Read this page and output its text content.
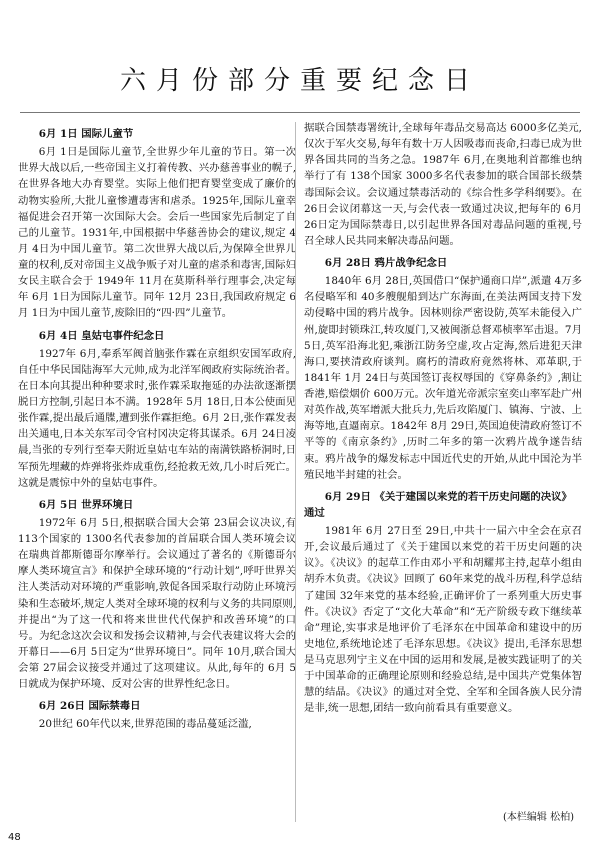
六月份部分重要纪念日

6月 1日 国际儿童节

6月 1日是国际儿童节,全世界少年儿童的节日。第一次世界大战以后,一些帝国主义打着传教、兴办慈善事业的幌子,在世界各地大办育婴堂。实际上他们把育婴堂变成了廉价的动物实验所,大批儿童惨遭毒害和虐杀。1925年,国际儿童幸福促进会召开第一次国际大会。会后一些国家先后制定了自己的儿童节。1931年,中国根据中华慈善协会的建议,规定 4月 4日为中国儿童节。第二次世界大战以后,为保障全世界儿童的权利,反对帝国主义战争贩子对儿童的虐杀和毒害,国际妇女民主联合会于 1949年 11月在莫斯科举行理事会,决定每年 6月 1日为国际儿童节。同年 12月 23日,我国政府规定 6月 1日为中国儿童节,废除旧的“四·四”儿童节。

6月 4日 皇姑屯事件纪念日

1927年 6月,奉系军阀首脑张作霖在京组织安国军政府,自任中华民国陆海军大元帅,成为北洋军阀政府实际统治者。在日本向其提出种种要求时,张作霖采取拖延的办法欲逐渐摆脱日方控制,引起日本不满。1928年 5月 18日,日本公使面见张作霖,提出最后通牒,遭到张作霖拒绝。6月 2日,张作霖发表出关通电,日本关东军司令官村冈决定将其谋杀。6月 24日凌晨,当张的专列行至奉天附近皇姑屯车站的南满铁路桥洞时,日军预先埋藏的炸弹将张炸成重伤,经抢救无效,几小时后死亡。这就是震惊中外的皇姑屯事件。

6月 5日 世界环境日

1972年 6月 5日,根据联合国大会第 23届会议决议,有 113个国家的 1300名代表参加的首届联合国人类环境会议在瑞典首都斯德哥尔摩举行。会议通过了著名的《斯德哥尔摩人类环境宣言》和保护全球环境的“行动计划”,呼吁世界关注人类活动对环境的严重影响,敦促各国采取行动防止环境污染和生态破坏,规定人类对全球环境的权利与义务的共同原则,并提出“为了这一代和将来世世代代保护和改善环境”的口号。为纪念这次会议和发扬会议精神,与会代表建议将大会的开幕日——6月 5日定为“世界环境日”。同年 10月,联合国大会第 27届会议接受并通过了这项建议。从此,每年的 6月 5日就成为保护环境、反对公害的世界性纪念日。

6月 26日 国际禁毒日

20世纪 60年代以来,世界范围的毒品蔓延泛滥,

据联合国禁毒署统计,全球每年毒品交易高达 6000多亿美元,仅次于军火交易,每年有数十万人因吸毒而丧命,扫毒已成为世界各国共同的当务之急。1987年 6月,在奥地利首都维也纳举行了有 138个国家 3000多名代表参加的联合国部长级禁毒国际会议。会议通过禁毒活动的《综合性多学科纲要》。在 26日会议闭幕这一天,与会代表一致通过决议,把每年的 6月 26日定为国际禁毒日,以引起世界各国对毒品问题的重视,号召全球人民共同来解决毒品问题。

6月 28日 鸦片战争纪念日

1840年 6月 28日,英国借口“保护通商口岸”,派遣 4万多名侵略军和 40多艘舰船到达广东海面,在美法两国支持下发动侵略中国的鸦片战争。因林则徐严密设防,英军未能侵入广州,旋即封锁珠江,转攻厦门,又被闽浙总督邓桢率军击退。7月 5日,英军沿海北犯,乘浙江防务空虚,攻占定海,然后进犯天津海口,要挟清政府谈判。腐朽的清政府竟然将林、邓革职,于 1841年 1月 24日与英国签订丧权辱国的《穿鼻条约》,割让香港,赔偿烟价 600万元。次年道光帝派宗室奕山率军赴广州对英作战,英军增派大批兵力,先后攻陷厦门、镇海、宁波、上海等地,直逼南京。1842年 8月 29日,英国迫使清政府签订不平等的《南京条约》,历时二年多的第一次鸦片战争遂告结束。鸦片战争的爆发标志中国近代史的开始,从此中国沦为半殖民地半封建的社会。

6月 29日 《关于建国以来党的若干历史问题的决议》通过

1981年 6月 27日至 29日,中共十一届六中全会在京召开,会议最后通过了《关于建国以来党的若干历史问题的决议》。《决议》的起草工作由邓小平和胡耀邦主持,起草小组由胡乔木负责。《决议》回顾了 60年来党的战斗历程,科学总结了建国 32年来党的基本经验,正确评价了一系列重大历史事件。《决议》否定了“文化大革命”和“无产阶级专政下继续革命”理论,实事求是地评价了毛泽东在中国革命和建设中的历史地位,系统地论述了毛泽东思想。《决议》提出,毛泽东思想是马克思列宁主义在中国的运用和发展,是被实践证明了的关于中国革命的正确理论原则和经验总结,是中国共产党集体智慧的结晶。《决议》的通过对全党、全军和全国各族人民分清是非,统一思想,团结一致向前看具有重要意义。

(本栏编辑 松柏)
48
